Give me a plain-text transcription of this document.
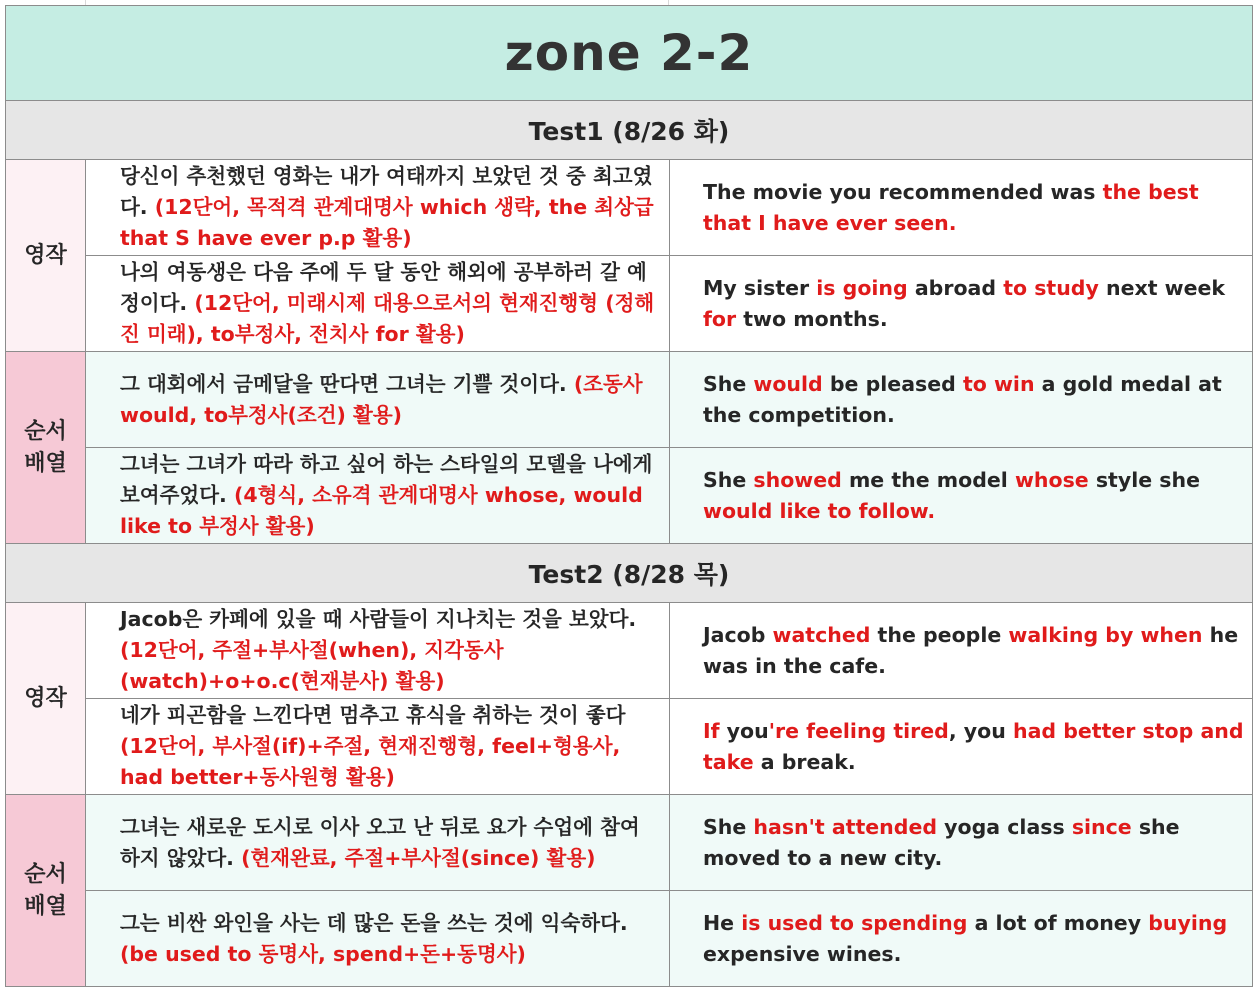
zone 2-2		
Test1 (8/26 화)		
영작	당신이 추천했던 영화는 내가 여태까지 보았던 것 중 최고였다. (12단어, 목적격 관계대명사 which 생략, the 최상급 that S have ever p.p 활용)	The movie you recommended was the best that I have ever seen.
	나의 여동생은 다음 주에 두 달 동안 해외에 공부하러 갈 예정이다. (12단어, 미래시제 대용으로서의 현재진행형 (정해진 미래), to부정사, 전치사 for 활용)	My sister is going abroad to study next week for two months.
순서 배열	그 대회에서 금메달을 딴다면 그녀는 기쁠 것이다. (조동사 would, to부정사(조건) 활용)	She would be pleased to win a gold medal at the competition.
	그녀는 그녀가 따라 하고 싶어 하는 스타일의 모델을 나에게 보여주었다. (4형식, 소유격 관계대명사 whose, would like to 부정사 활용)	She showed me the model whose style she would like to follow.
Test2 (8/28 목)		
영작	Jacob은 카페에 있을 때 사람들이 지나치는 것을 보았다. (12단어, 주절+부사절(when), 지각동사(watch)+o+o.c(현재분사) 활용)	Jacob watched the people walking by when he was in the cafe.
	네가 피곤함을 느낀다면 멈추고 휴식을 취하는 것이 좋다 (12단어, 부사절(if)+주절, 현재진행형, feel+형용사, had better+동사원형 활용)	If you're feeling tired, you had better stop and take a break.
순서 배열	그녀는 새로운 도시로 이사 오고 난 뒤로 요가 수업에 참여하지 않았다. (현재완료, 주절+부사절(since) 활용)	She hasn't attended yoga class since she moved to a new city.
	그는 비싼 와인을 사는 데 많은 돈을 쓰는 것에 익숙하다. (be used to 동명사, spend+돈+동명사)	He is used to spending a lot of money buying expensive wines.
